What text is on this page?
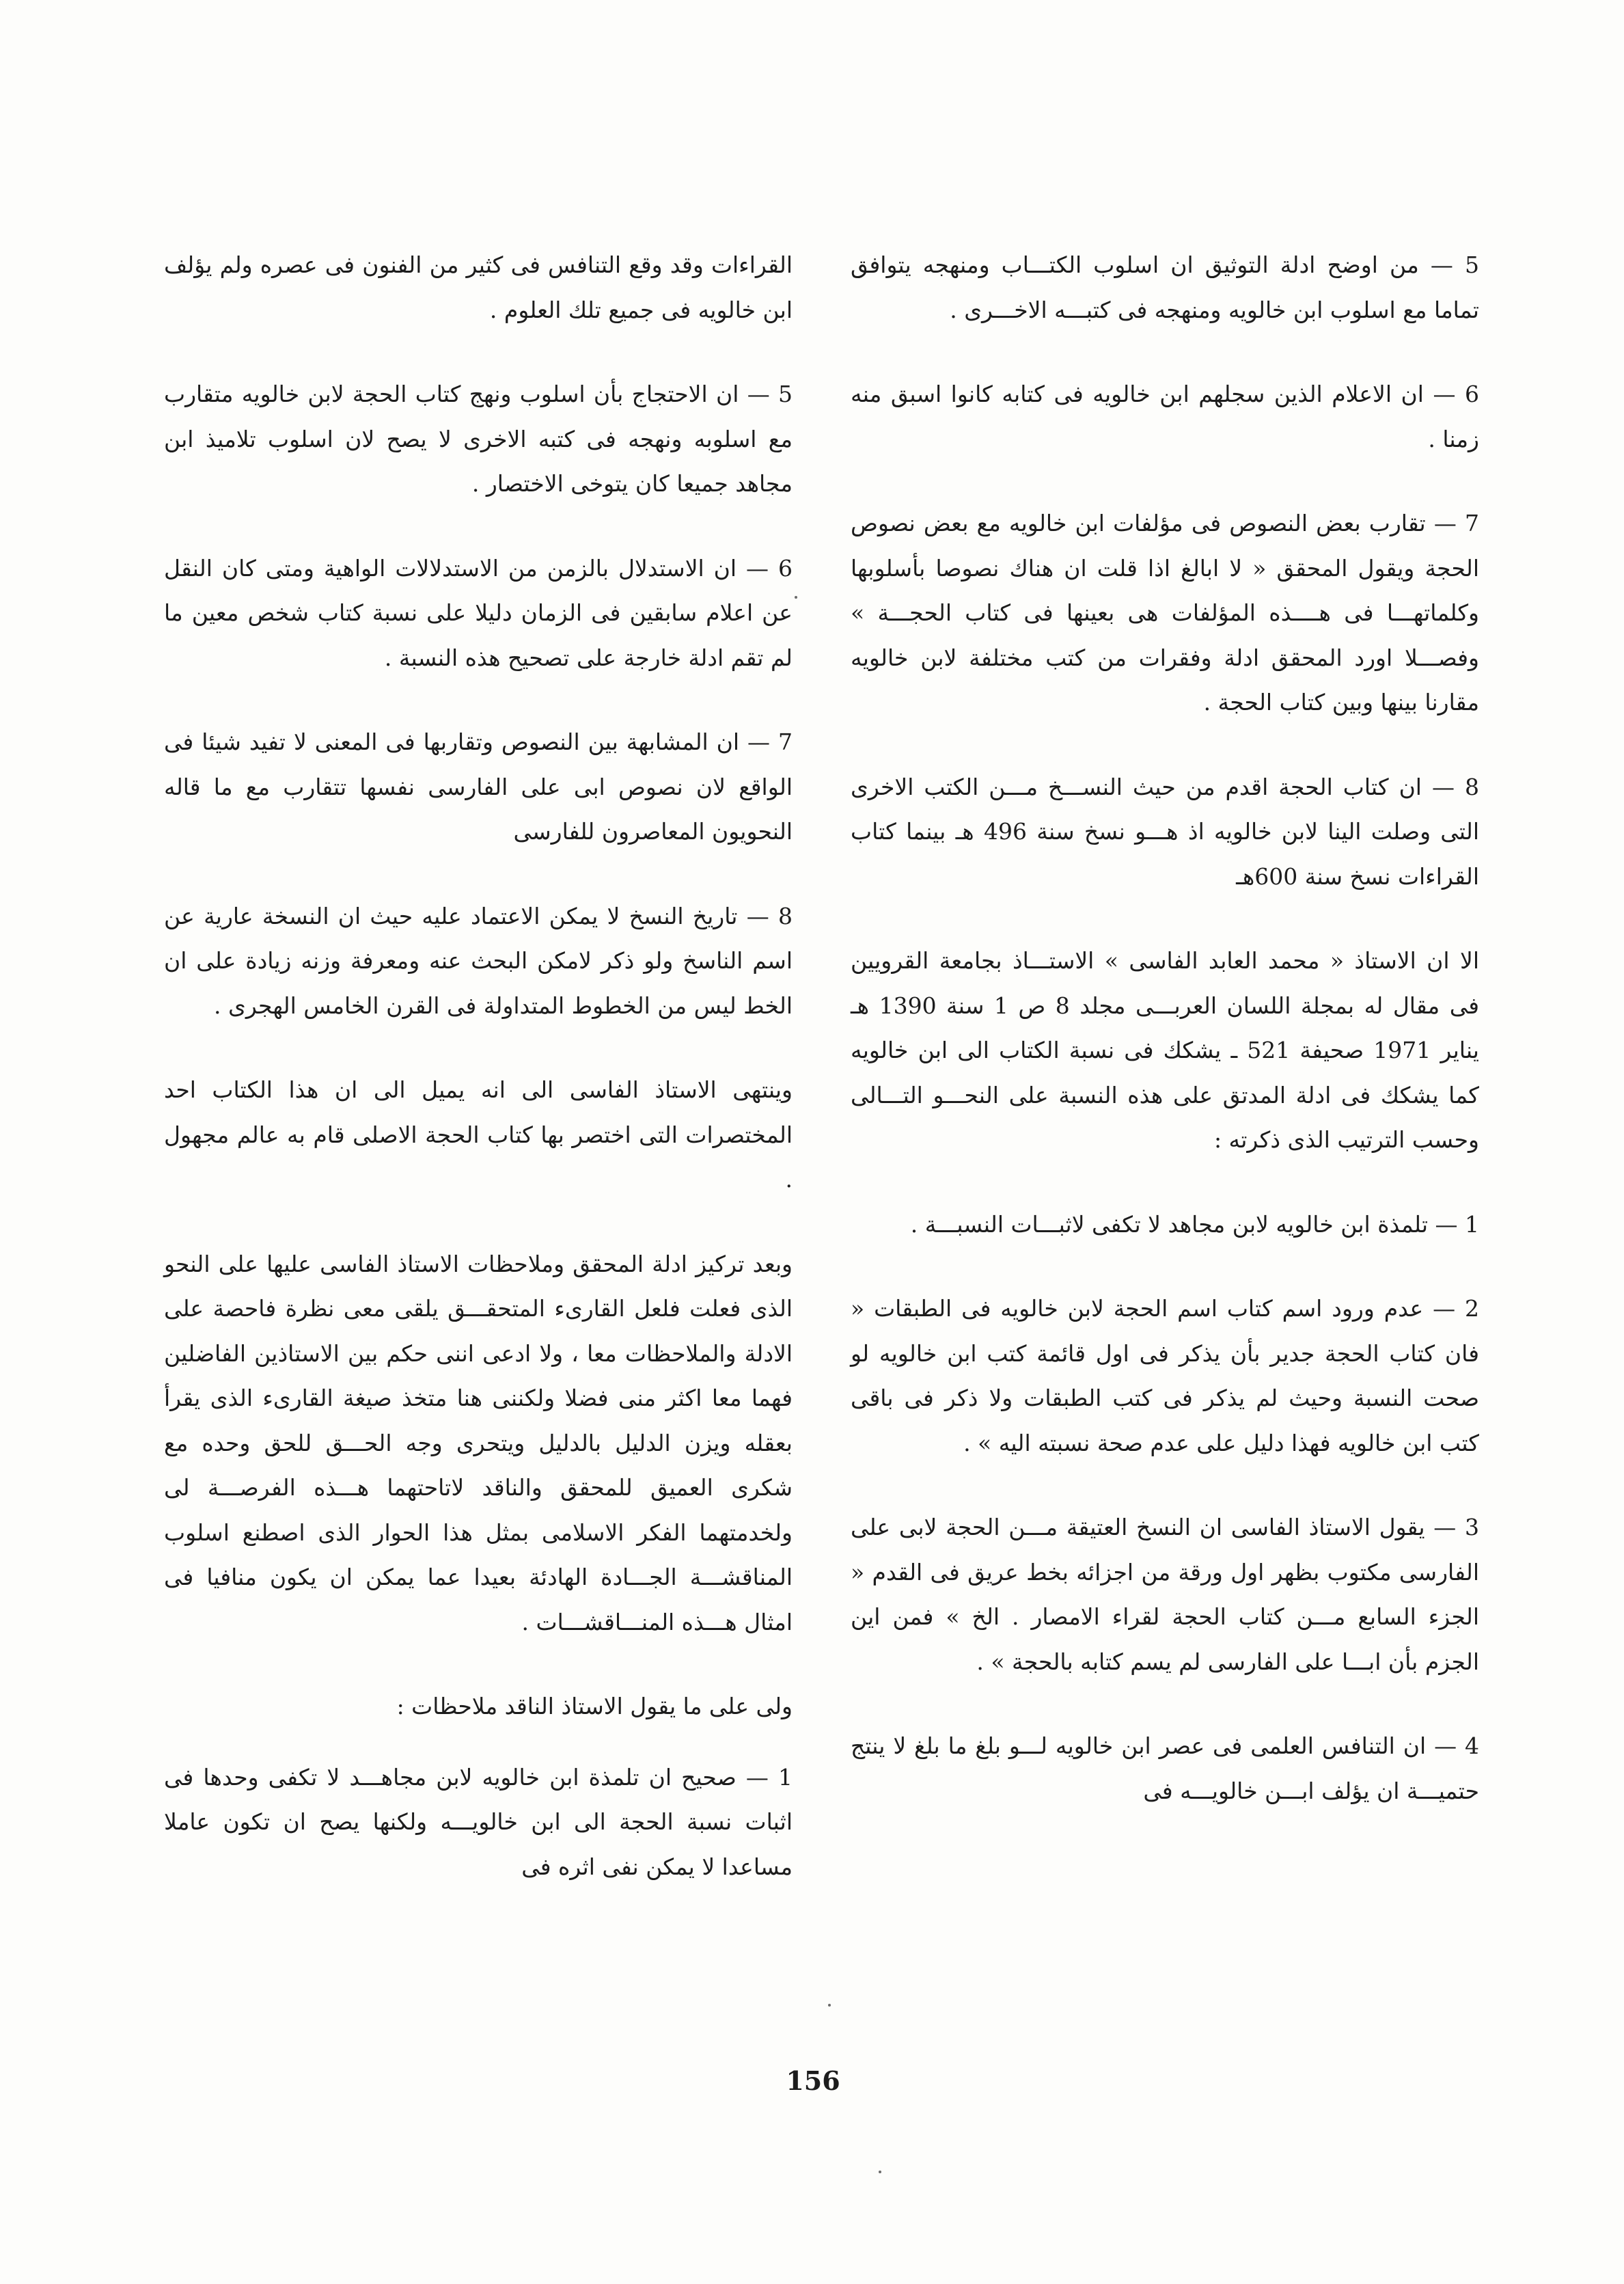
5 — من اوضح ادلة التوثيق ان اسلوب الكتـــاب ومنهجه يتوافق تماما مع اسلوب ابن خالويه ومنهجه فى كتبـــه الاخـــرى .

6 — ان الاعلام الذين سجلهم ابن خالويه فى كتابه كانوا اسبق منه زمنا .

7 — تقارب بعض النصوص فى مؤلفات ابن خالويه مع بعض نصوص الحجة ويقول المحقق « لا ابالغ اذا قلت ان هناك نصوصا بأسلوبها وكلماتهـــا فى هــــذه المؤلفات هى بعينها فى كتاب الحجـــة » وفصـــلا اورد المحقق ادلة وفقرات من كتب مختلفة لابن خالويه مقارنا بينها وبين كتاب الحجة .

8 — ان كتاب الحجة اقدم من حيث النســـخ مـــن الكتب الاخرى التى وصلت الينا لابن خالويه اذ هـــو نسخ سنة 496 هـ بينما كتاب القراءات نسخ سنة 600هـ

الا ان الاستاذ « محمد العابد الفاسى » الاستـــاذ بجامعة القرويين فى مقال له بمجلة اللسان العربـــى مجلد 8 ص 1 سنة 1390 هـ يناير 1971 صحيفة 521 ـ يشكك فى نسبة الكتاب الى ابن خالويه كما يشكك فى ادلة المدتق على هذه النسبة على النحـــو التـــالى وحسب الترتيب الذى ذكرته :

1 — تلمذة ابن خالويه لابن مجاهد لا تكفى لاثبـــات النسبـــة .

2 — عدم ورود اسم كتاب اسم الحجة لابن خالويه فى الطبقات « فان كتاب الحجة جدير بأن يذكر فى اول قائمة كتب ابن خالويه لو صحت النسبة وحيث لم يذكر فى كتب الطبقات ولا ذكر فى باقى كتب ابن خالويه فهذا دليل على عدم صحة نسبته اليه » .

3 — يقول الاستاذ الفاسى ان النسخ العتيقة مـــن الحجة لابى على الفارسى مكتوب بظهر اول ورقة من اجزائه بخط عريق فى القدم « الجزء السابع مـــن كتاب الحجة لقراء الامصار . الخ » فمن اين الجزم بأن ابـــا على الفارسى لم يسم كتابه بالحجة » .

4 — ان التنافس العلمى فى عصر ابن خالويه لـــو بلغ ما بلغ لا ينتج حتميـــة ان يؤلف ابـــن خالويـــه فى

القراءات وقد وقع التنافس فى كثير من الفنون فى عصره ولم يؤلف ابن خالويه فى جميع تلك العلوم .

5 — ان الاحتجاج بأن اسلوب ونهج كتاب الحجة لابن خالويه متقارب مع اسلوبه ونهجه فى كتبه الاخرى لا يصح لان اسلوب تلاميذ ابن مجاهد جميعا كان يتوخى الاختصار .

6 — ان الاستدلال بالزمن من الاستدلالات الواهية ومتى كان النقل عن اعلام سابقين فى الزمان دليلا على نسبة كتاب شخص معين ما لم تقم ادلة خارجة على تصحيح هذه النسبة .

7 — ان المشابهة بين النصوص وتقاربها فى المعنى لا تفيد شيئا فى الواقع لان نصوص ابى على الفارسى نفسها تتقارب مع ما قاله النحويون المعاصرون للفارسى

8 — تاريخ النسخ لا يمكن الاعتماد عليه حيث ان النسخة عارية عن اسم الناسخ ولو ذكر لامكن البحث عنه ومعرفة وزنه زيادة على ان الخط ليس من الخطوط المتداولة فى القرن الخامس الهجرى .

وينتهى الاستاذ الفاسى الى انه يميل الى ان هذا الكتاب احد المختصرات التى اختصر بها كتاب الحجة الاصلى قام به عالم مجهول .

وبعد تركيز ادلة المحقق وملاحظات الاستاذ الفاسى عليها على النحو الذى فعلت فلعل القارىء المتحقـــق يلقى معى نظرة فاحصة على الادلة والملاحظات معا ، ولا ادعى اننى حكم بين الاستاذين الفاضلين فهما معا اكثر منى فضلا ولكننى هنا متخذ صيغة القارىء الذى يقرأ بعقله ويزن الدليل بالدليل ويتحرى وجه الحـــق للحق وحده مع شكرى العميق للمحقق والناقد لاتاحتهما هـــذه الفرصـــة لى ولخدمتهما الفكر الاسلامى بمثل هذا الحوار الذى اصطنع اسلوب المناقشـــة الجـــادة الهادئة بعيدا عما يمكن ان يكون منافيا فى امثال هـــذه المنـــاقشـــات .

ولى على ما يقول الاستاذ الناقد ملاحظات :

1 — صحيح ان تلمذة ابن خالويه لابن مجاهـــد لا تكفى وحدها فى اثبات نسبة الحجة الى ابن خالويـــه ولكنها يصح ان تكون عاملا مساعدا لا يمكن نفى اثره فى

156
